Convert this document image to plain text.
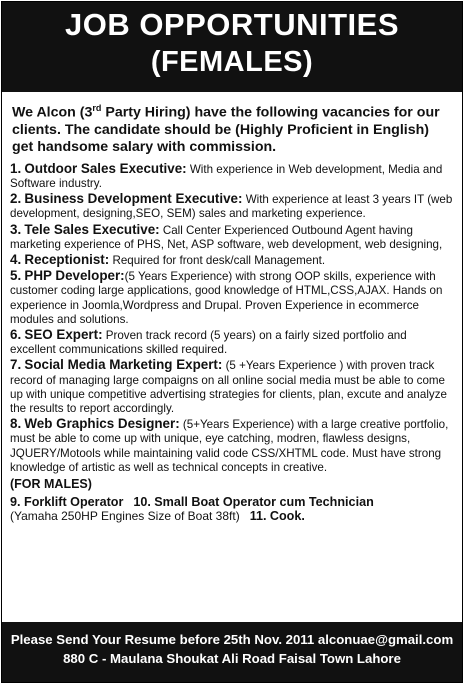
JOB OPPORTUNITIES
(FEMALES)
We Alcon (3rd Party Hiring) have the following vacancies for our clients. The candidate should be (Highly Proficient in English) get handsome salary with commission.
1. Outdoor Sales Executive: With experience in Web development, Media and Software industry.
2. Business Development Executive: With experience at least 3 years IT (web development, designing,SEO, SEM) sales and marketing experience.
3. Tele Sales Executive: Call Center Experienced Outbound Agent having marketing experience of PHS, Net, ASP software, web development, web designing,
4. Receptionist: Required for front desk/call Management.
5. PHP Developer:(5 Years Experience) with strong OOP skills, experience with customer coding large applications, good knowledge of HTML,CSS,AJAX. Hands on experience in Joomla,Wordpress and Drupal. Proven Experience in ecommerce modules and solutions.
6. SEO Expert: Proven track record (5 years) on a fairly sized portfolio and excellent communications skilled required.
7. Social Media Marketing Expert: (5 +Years Experience ) with proven track record of managing large compaigns on all online social media must be able to come up with unique competitive advertising strategies for clients, plan, excute and analyze the results to report accordingly.
8. Web Graphics Designer: (5+Years Experience) with a large creative portfolio, must be able to come up with unique, eye catching, modren, flawless designs, JQUERY/Motools while maintaining valid code CSS/XHTML code. Must have strong knowledge of artistic as well as technical concepts in creative.
(FOR MALES)
9. Forklift Operator 10. Small Boat Operator cum Technician
(Yamaha 250HP Engines Size of Boat 38ft) 11. Cook.
Please Send Your Resume before 25th Nov. 2011 alconuae@gmail.com
880 C - Maulana Shoukat Ali Road Faisal Town Lahore
